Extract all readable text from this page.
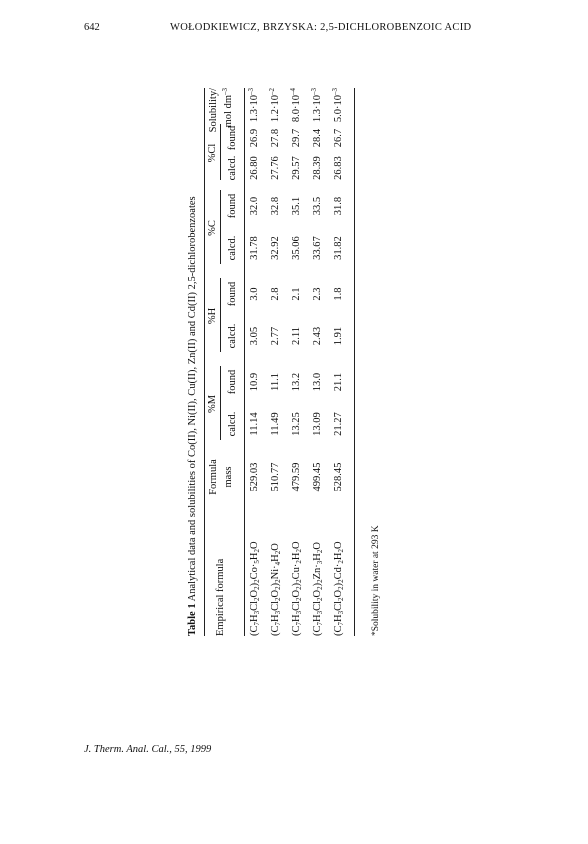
642	WOŁODKIEWICZ, BRZYSKA: 2,5-DICHLOROBENZOIC ACID
Table 1 Analytical data and solubilities of Co(II), Ni(II), Cu(II), Zn(II) and Cd(II) 2,5-dichlorobenzoates Empirical formula
Formula mass
%M
calcd.
found
%H
calcd.
found
%C
calcd.
found
%Cl
calcd.
found
Solubility/ mol $dm^{-3}$
$(C_7H_3Cl_2O_2)_2Co\cdot_5H_2O$
529.03
11.14
10.9
3.05
3.0
31.78
32.0
26.80
26.9
$1.3\cdot 10^{-3}$
$(C_7H_3Cl_2O_2)_2Ni\cdot_4H_2O$
510.77
11.49
11.1
2.77
2.8
32.92
32.8
27.76
27.8
$1.2\cdot 10^{-2}$
$(C_7H_3Cl_2O_2)_2Cu\cdot_2H_2O$
479.59
13.25
13.2
2.11
2.1
35.06
35.1
29.57
29.7
$8.0\cdot 10^{-4}$
$(C_7H_3Cl_2O_2)_2Zn\cdot_3H_2O$
499.45
13.09
13.0
2.43
2.3
33.67
33.5
28.39
28.4
$1.3\cdot 10^{-3}$
$(C_7H_3Cl_2O_2)_2Cd\cdot_2H_2O$
528.45
21.27
21.1
1.91
1.8
31.82
31.8
26.83
26.7
$5.0\cdot 10^{-3}$
*Solubility in water at 293 K
J. Therm. Anal. Cal., 55, 1999
